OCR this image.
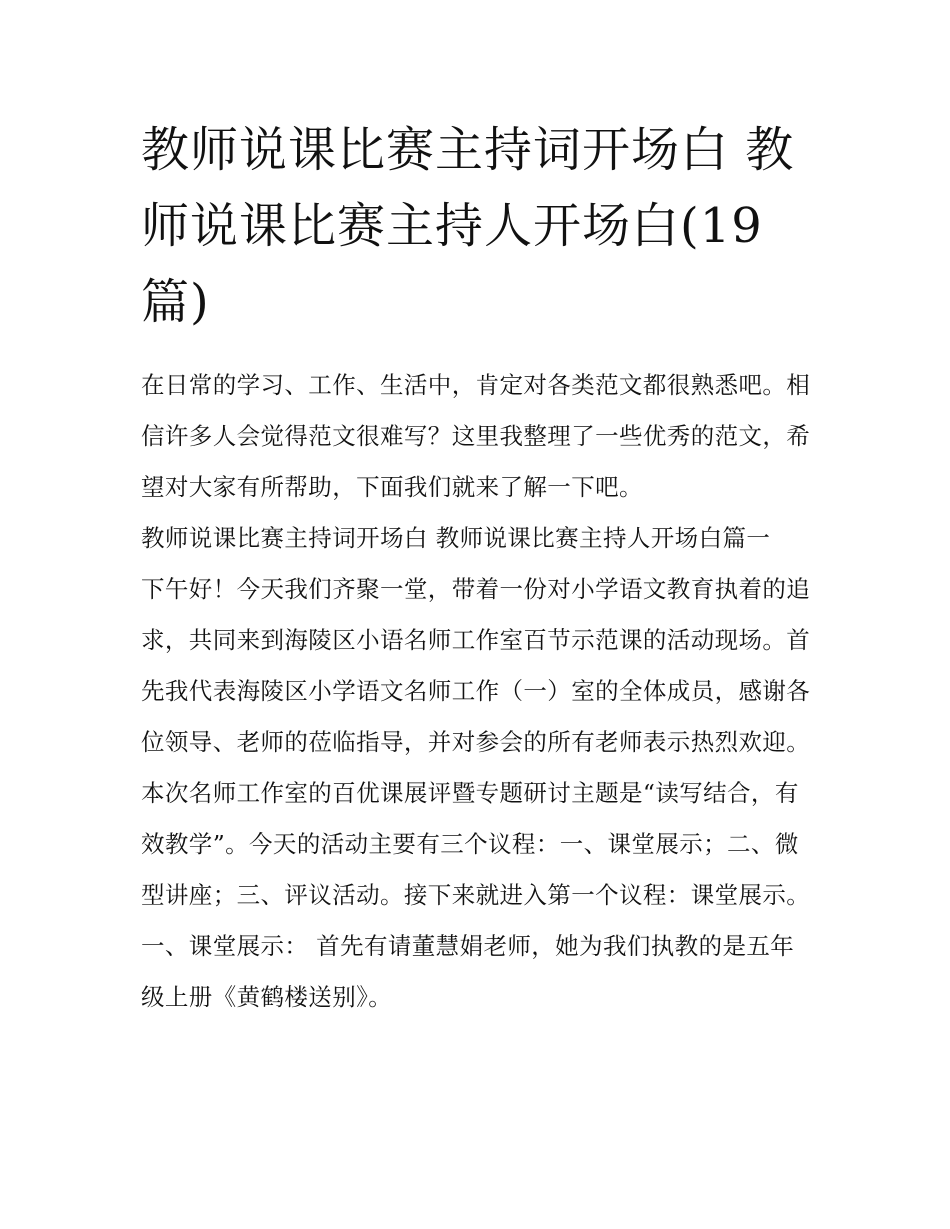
教师说课比赛主持词开场白 教师说课比赛主持人开场白(19篇)

在日常的学习、工作、生活中，肯定对各类范文都很熟悉吧。相信许多人会觉得范文很难写？这里我整理了一些优秀的范文，希望对大家有所帮助，下面我们就来了解一下吧。

教师说课比赛主持词开场白 教师说课比赛主持人开场白篇一

下午好！今天我们齐聚一堂，带着一份对小学语文教育执着的追求，共同来到海陵区小语名师工作室百节示范课的活动现场。首先我代表海陵区小学语文名师工作（一）室的全体成员，感谢各位领导、老师的莅临指导，并对参会的所有老师表示热烈欢迎。

本次名师工作室的百优课展评暨专题研讨主题是“读写结合，有效教学”。今天的活动主要有三个议程：一、课堂展示；二、微型讲座；三、评议活动。接下来就进入第一个议程：课堂展示。

一、课堂展示： 首先有请董慧娟老师，她为我们执教的是五年级上册《黄鹤楼送别》。
